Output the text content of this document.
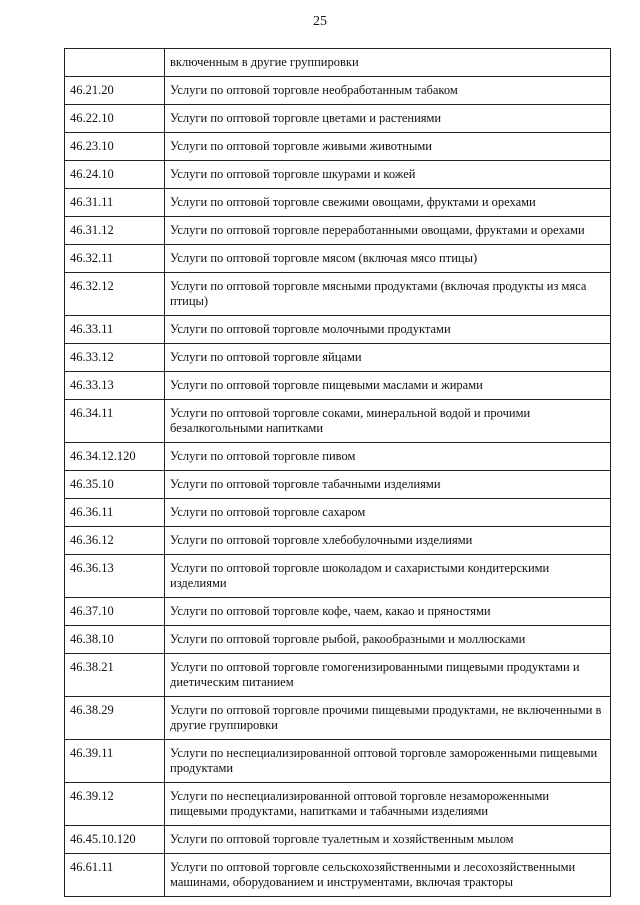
25
	включенным в другие группировки
46.21.20	Услуги по оптовой торговле необработанным табаком
46.22.10	Услуги по оптовой торговле цветами и растениями
46.23.10	Услуги по оптовой торговле живыми животными
46.24.10	Услуги по оптовой торговле шкурами и кожей
46.31.11	Услуги по оптовой торговле свежими овощами, фруктами и орехами
46.31.12	Услуги по оптовой торговле переработанными овощами, фруктами и орехами
46.32.11	Услуги по оптовой торговле мясом (включая мясо птицы)
46.32.12	Услуги по оптовой торговле мясными продуктами (включая продукты из мяса птицы)
46.33.11	Услуги по оптовой торговле молочными продуктами
46.33.12	Услуги по оптовой торговле яйцами
46.33.13	Услуги по оптовой торговле пищевыми маслами и жирами
46.34.11	Услуги по оптовой торговле соками, минеральной водой и прочими безалкогольными напитками
46.34.12.120	Услуги по оптовой торговле пивом
46.35.10	Услуги по оптовой торговле табачными изделиями
46.36.11	Услуги по оптовой торговле сахаром
46.36.12	Услуги по оптовой торговле хлебобулочными изделиями
46.36.13	Услуги по оптовой торговле шоколадом и сахаристыми кондитерскими изделиями
46.37.10	Услуги по оптовой торговле кофе, чаем, какао и пряностями
46.38.10	Услуги по оптовой торговле рыбой, ракообразными и моллюсками
46.38.21	Услуги по оптовой торговле гомогенизированными пищевыми продуктами и диетическим питанием
46.38.29	Услуги по оптовой торговле прочими пищевыми продуктами, не включенными в другие группировки
46.39.11	Услуги по неспециализированной оптовой торговле замороженными пищевыми продуктами
46.39.12	Услуги по неспециализированной оптовой торговле незамороженными пищевыми продуктами, напитками и табачными изделиями
46.45.10.120	Услуги по оптовой торговле туалетным и хозяйственным мылом
46.61.11	Услуги по оптовой торговле сельскохозяйственными и лесохозяйственными машинами, оборудованием и инструментами, включая тракторы
